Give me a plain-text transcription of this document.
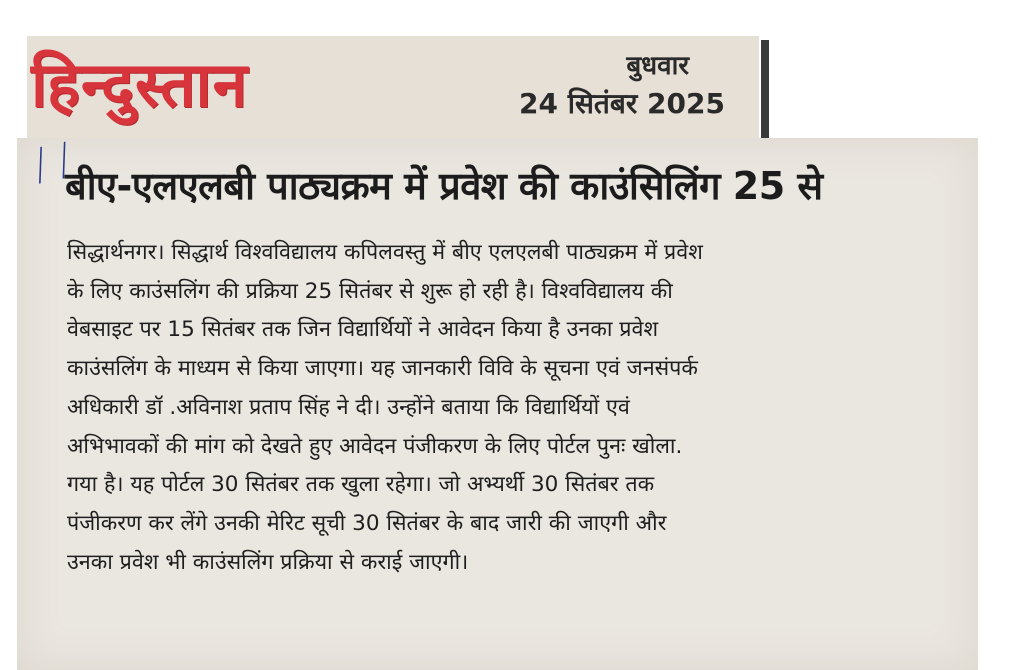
हिन्दुस्तान	बुधवार
24 सितंबर 2025
ᛁᛁ
बीए-एलएलबी पाठ्यक्रम में प्रवेश की काउंसिलिंग 25 से
सिद्धार्थनगर। सिद्धार्थ विश्वविद्यालय कपिलवस्तु में बीए एलएलबी पाठ्यक्रम में प्रवेश
के लिए काउंसलिंग की प्रक्रिया 25 सितंबर से शुरू हो रही है। विश्वविद्यालय की
वेबसाइट पर 15 सितंबर तक जिन विद्यार्थियों ने आवेदन किया है उनका प्रवेश
काउंसलिंग के माध्यम से किया जाएगा। यह जानकारी विवि के सूचना एवं जनसंपर्क
अधिकारी डॉ .अविनाश प्रताप सिंह ने दी। उन्होंने बताया कि विद्यार्थियों एवं
अभिभावकों की मांग को देखते हुए आवेदन पंजीकरण के लिए पोर्टल पुनः खोला.
गया है। यह पोर्टल 30 सितंबर तक खुला रहेगा। जो अभ्यर्थी 30 सितंबर तक
पंजीकरण कर लेंगे उनकी मेरिट सूची 30 सितंबर के बाद जारी की जाएगी और
उनका प्रवेश भी काउंसलिंग प्रक्रिया से कराई जाएगी।
